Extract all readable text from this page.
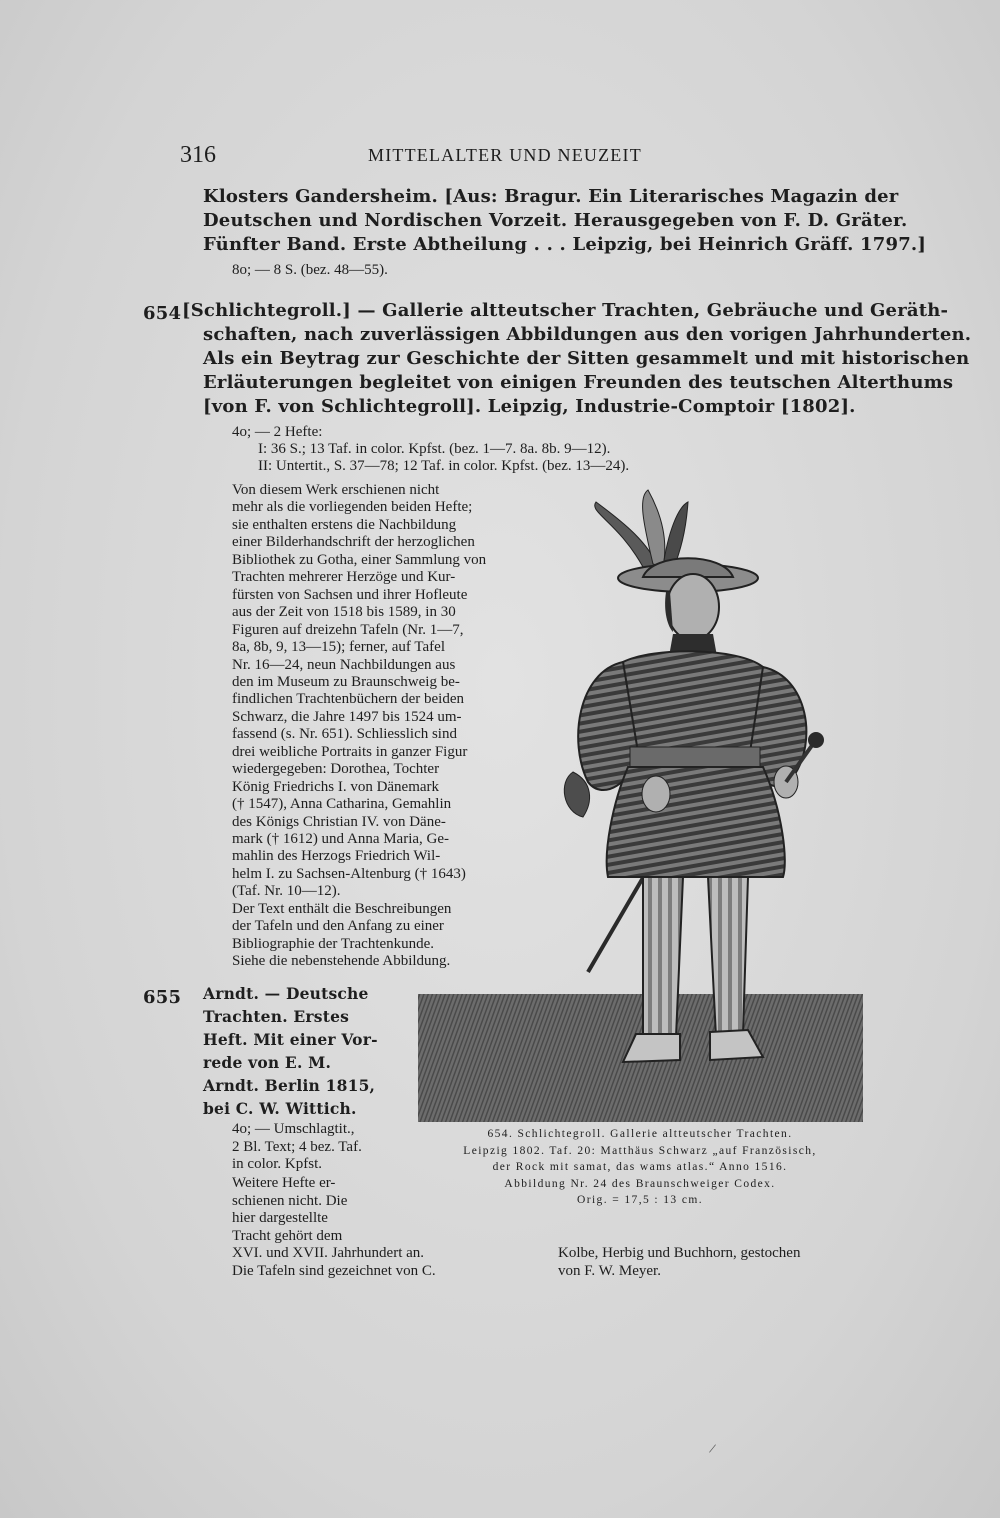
316	MITTELALTER UND NEUZEIT
Klosters Gandersheim. [Aus: Bragur. Ein Literarisches Magazin der
Deutschen und Nordischen Vorzeit. Herausgegeben von F. D. Gräter.
Fünfter Band. Erste Abtheilung . . . Leipzig, bei Heinrich Gräff. 1797.]
8o; — 8 S. (bez. 48—55).
654 [Schlichtegroll.] — Gallerie altteutscher Trachten, Gebräuche und Geräth-
schaften, nach zuverlässigen Abbildungen aus den vorigen Jahrhunderten.
Als ein Beytrag zur Geschichte der Sitten gesammelt und mit historischen
Erläuterungen begleitet von einigen Freunden des teutschen Alterthums
[von F. von Schlichtegroll]. Leipzig, Industrie-Comptoir [1802].
4o; — 2 Hefte:
I: 36 S.; 13 Taf. in color. Kpfst. (bez. 1—7. 8a. 8b. 9—12).
II: Untertit., S. 37—78; 12 Taf. in color. Kpfst. (bez. 13—24).
Von diesem Werk erschienen nicht
mehr als die vorliegenden beiden Hefte;
sie enthalten erstens die Nachbildung
einer Bilderhandschrift der herzoglichen
Bibliothek zu Gotha, einer Sammlung von
Trachten mehrerer Herzöge und Kur-
fürsten von Sachsen und ihrer Hofleute
aus der Zeit von 1518 bis 1589, in 30
Figuren auf dreizehn Tafeln (Nr. 1—7,
8a, 8b, 9, 13—15); ferner, auf Tafel
Nr. 16—24, neun Nachbildungen aus
den im Museum zu Braunschweig be-
findlichen Trachtenbüchern der beiden
Schwarz, die Jahre 1497 bis 1524 um-
fassend (s. Nr. 651). Schliesslich sind
drei weibliche Portraits in ganzer Figur
wiedergegeben: Dorothea, Tochter
König Friedrichs I. von Dänemark
(† 1547), Anna Catharina, Gemahlin
des Königs Christian IV. von Däne-
mark († 1612) und Anna Maria, Ge-
mahlin des Herzogs Friedrich Wil-
helm I. zu Sachsen-Altenburg († 1643)
(Taf. Nr. 10—12).
Der Text enthält die Beschreibungen
der Tafeln und den Anfang zu einer
Bibliographie der Trachtenkunde.
Siehe die nebenstehende Abbildung.
655 Arndt. — Deutsche
Trachten. Erstes
Heft. Mit einer Vor-
rede von E. M.
Arndt. Berlin 1815,
bei C. W. Wittich.
4o; — Umschlagtit.,
2 Bl. Text; 4 bez. Taf.
in color. Kpfst.
Weitere Hefte er-
schienen nicht. Die
hier dargestellte
Tracht gehört dem
XVI. und XVII. Jahrhundert an.
Die Tafeln sind gezeichnet von C.
Kolbe, Herbig und Buchhorn, gestochen
von F. W. Meyer.
654. Schlichtegroll. Gallerie altteutscher Trachten.
Leipzig 1802. Taf. 20: Matthäus Schwarz „auf Französisch,
der Rock mit samat, das wams atlas.“ Anno 1516.
Abbildung Nr. 24 des Braunschweiger Codex.
Orig. = 17,5 : 13 cm.
/
